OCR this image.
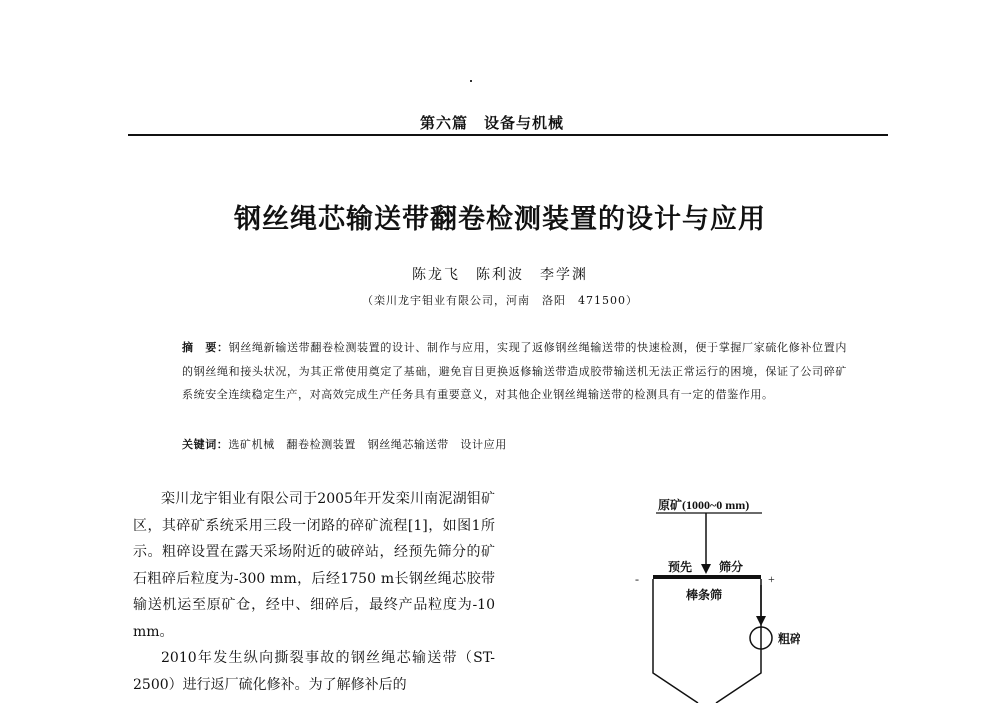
第六篇　设备与机械
钢丝绳芯输送带翻卷检测装置的设计与应用
陈龙飞　陈利波　李学渊
（栾川龙宇钼业有限公司，河南　洛阳　471500）
摘　要：钢丝绳新输送带翻卷检测装置的设计、制作与应用，实现了返修钢丝绳输送带的快速检测，便于掌握厂家硫化修补位置内的钢丝绳和接头状况，为其正常使用奠定了基础，避免盲目更换返修输送带造成胶带输送机无法正常运行的困境，保证了公司碎矿系统安全连续稳定生产，对高效完成生产任务具有重要意义，对其他企业钢丝绳输送带的检测具有一定的借鉴作用。
关键词：选矿机械　翻卷检测装置　钢丝绳芯输送带　设计应用

栾川龙宇钼业有限公司于2005年开发栾川南泥湖钼矿区，其碎矿系统采用三段一闭路的碎矿流程[1]，如图1所示。粗碎设置在露天采场附近的破碎站，经预先筛分的矿石粗碎后粒度为-300 mm，后经1750 m长钢丝绳芯胶带输送机运至原矿仓，经中、细碎后，最终产品粒度为-10 mm。

2010年发生纵向撕裂事故的钢丝绳芯输送带（ST-2500）进行返厂硫化修补。为了解修补后的

原矿(1000~0 mm)
预先 筛分
-	+
棒条筛
粗碎
